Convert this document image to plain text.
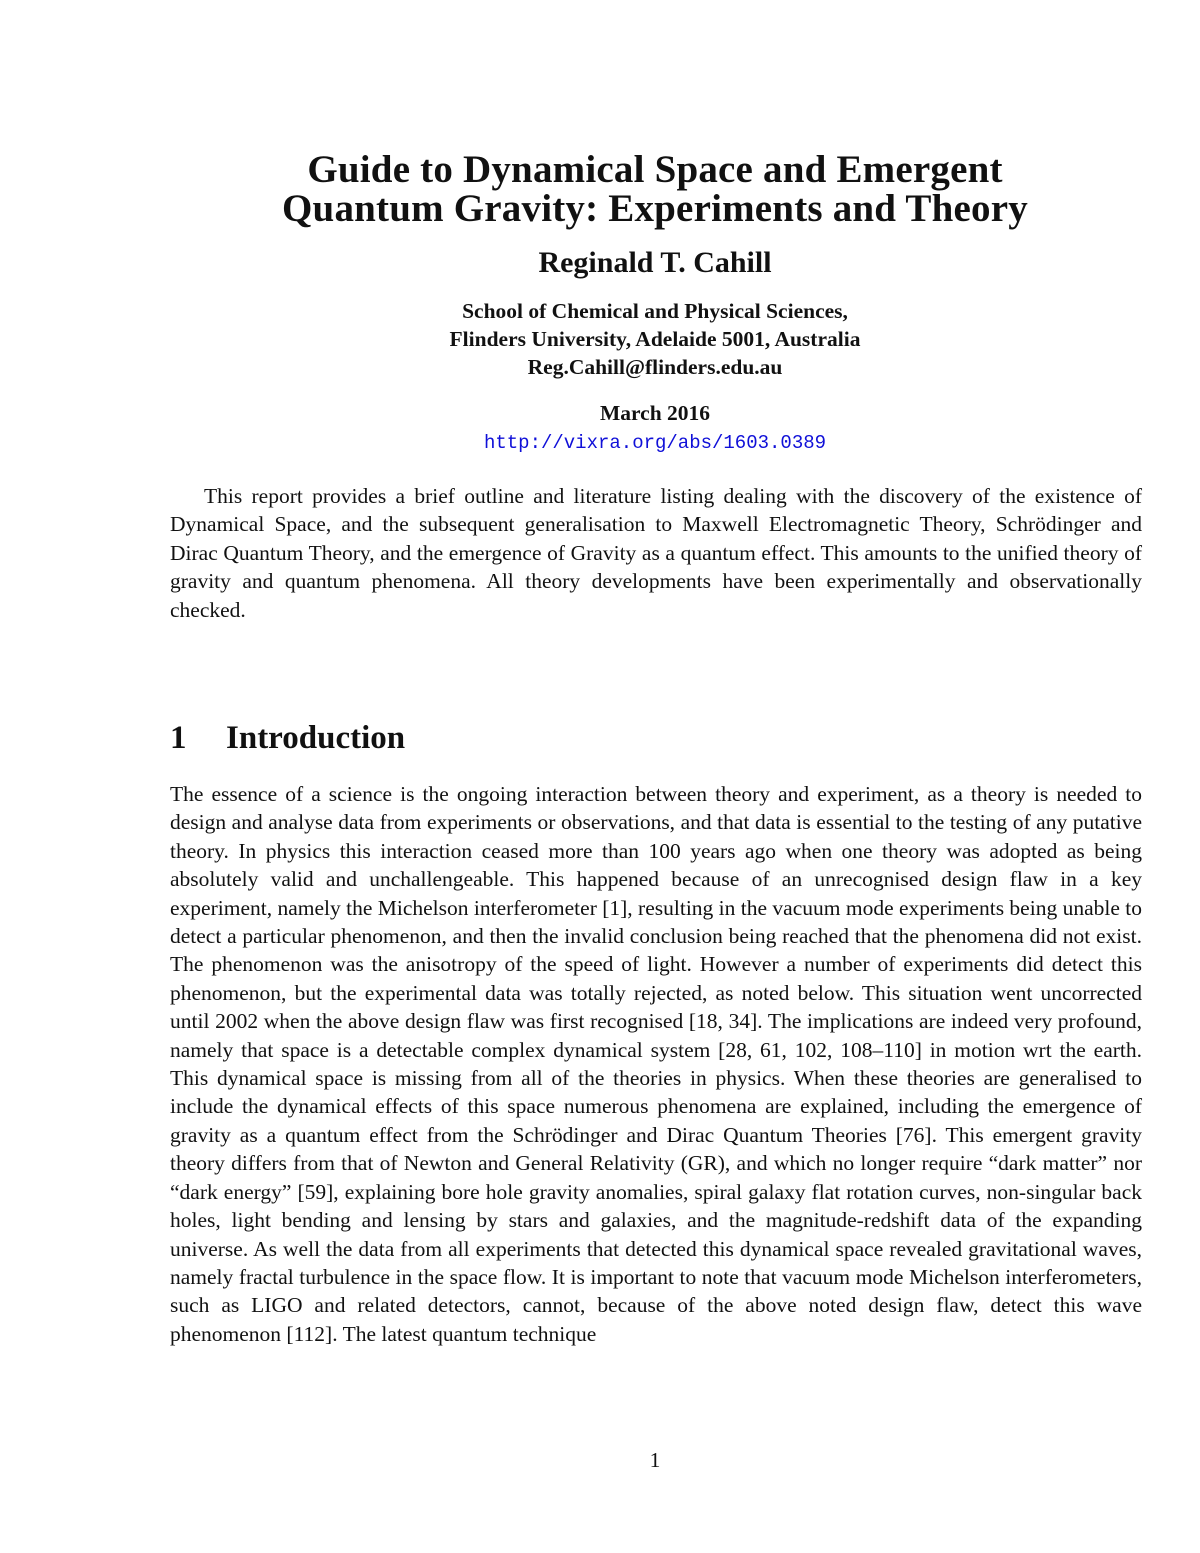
Guide to Dynamical Space and Emergent
Quantum Gravity: Experiments and Theory
Reginald T. Cahill
School of Chemical and Physical Sciences,
Flinders University, Adelaide 5001, Australia
Reg.Cahill@flinders.edu.au
March 2016
http://vixra.org/abs/1603.0389

This report provides a brief outline and literature listing dealing with the discovery of the existence of Dynamical Space, and the subsequent generalisation to Maxwell Electromagnetic Theory, Schrödinger and Dirac Quantum Theory, and the emergence of Gravity as a quantum effect. This amounts to the unified theory of gravity and quantum phenomena. All theory developments have been experimentally and observationally checked.

1 Introduction

The essence of a science is the ongoing interaction between theory and experiment, as a theory is needed to design and analyse data from experiments or observations, and that data is essential to the testing of any putative theory. In physics this interaction ceased more than 100 years ago when one theory was adopted as being absolutely valid and unchallengeable. This happened because of an unrecognised design flaw in a key experiment, namely the Michelson interferometer [1], resulting in the vacuum mode experiments being unable to detect a particular phenomenon, and then the invalid conclusion being reached that the phenomena did not exist. The phenomenon was the anisotropy of the speed of light. However a number of experiments did detect this phenomenon, but the experimental data was totally rejected, as noted below. This situation went uncorrected until 2002 when the above design flaw was first recognised [18, 34]. The implications are indeed very profound, namely that space is a detectable complex dynamical system [28, 61, 102, 108–110] in motion wrt the earth. This dynamical space is missing from all of the theories in physics. When these theories are generalised to include the dynamical effects of this space numerous phenomena are explained, including the emergence of gravity as a quantum effect from the Schrödinger and Dirac Quantum Theories [76]. This emergent gravity theory differs from that of Newton and General Relativity (GR), and which no longer require “dark matter” nor “dark energy” [59], explaining bore hole gravity anomalies, spiral galaxy flat rotation curves, non-singular back holes, light bending and lensing by stars and galaxies, and the magnitude-redshift data of the expanding universe. As well the data from all experiments that detected this dynamical space revealed gravitational waves, namely fractal turbulence in the space flow. It is important to note that vacuum mode Michelson interferometers, such as LIGO and related detectors, cannot, because of the above noted design flaw, detect this wave phenomenon [112]. The latest quantum technique

1
